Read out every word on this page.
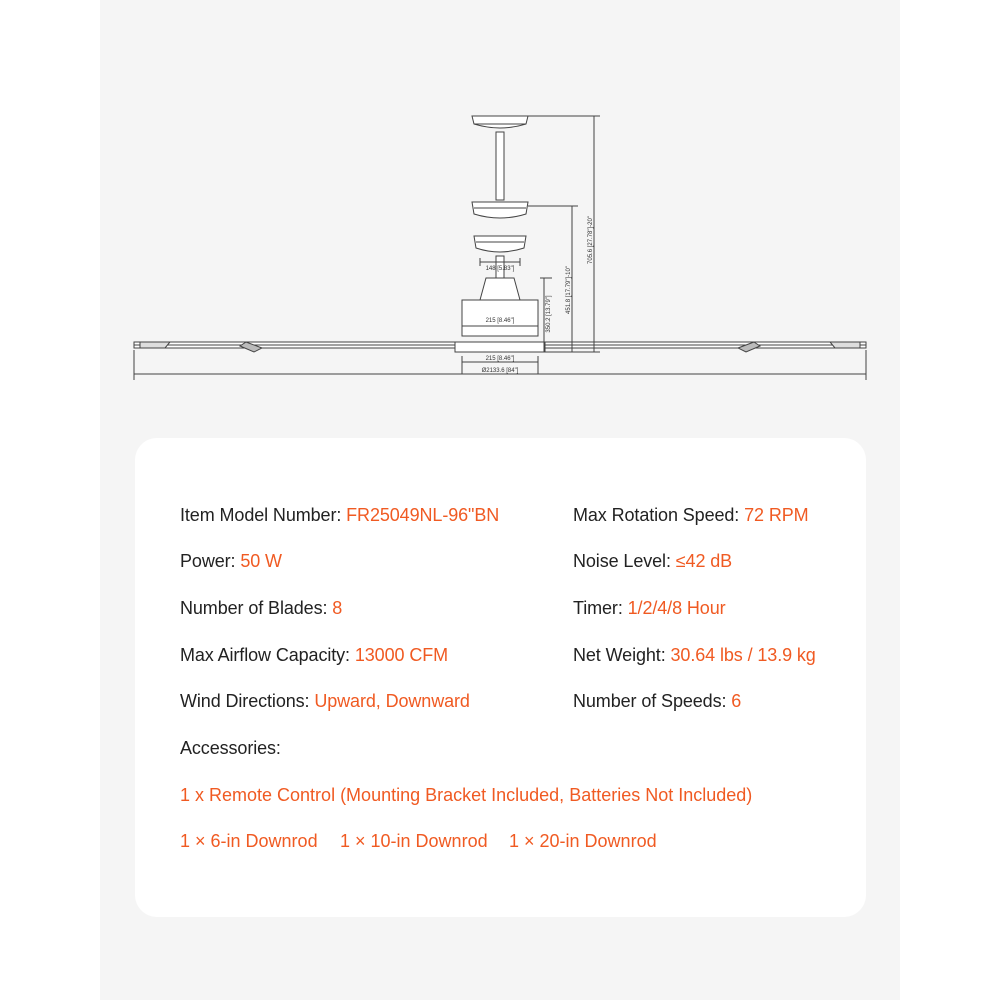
148 [5.83"]
215 [8.46"]
215 [8.46"]
Ø2133.6 [84"]
350.2 [13.79"]
451.8 [17.79"]-10"
705.6 [27.78"]-20"
Item Model Number: FR25049NL-96"BN
Power: 50 W
Number of Blades: 8
Max Airflow Capacity: 13000 CFM
Wind Directions: Upward, Downward
Max Rotation Speed: 72 RPM
Noise Level: ≤42 dB
Timer: 1/2/4/8 Hour
Net Weight: 30.64 lbs / 13.9 kg
Number of Speeds: 6
Accessories:
1 x Remote Control (Mounting Bracket Included, Batteries Not Included)
1 × 6-in Downrod 1 × 10-in Downrod 1 × 20-in Downrod
